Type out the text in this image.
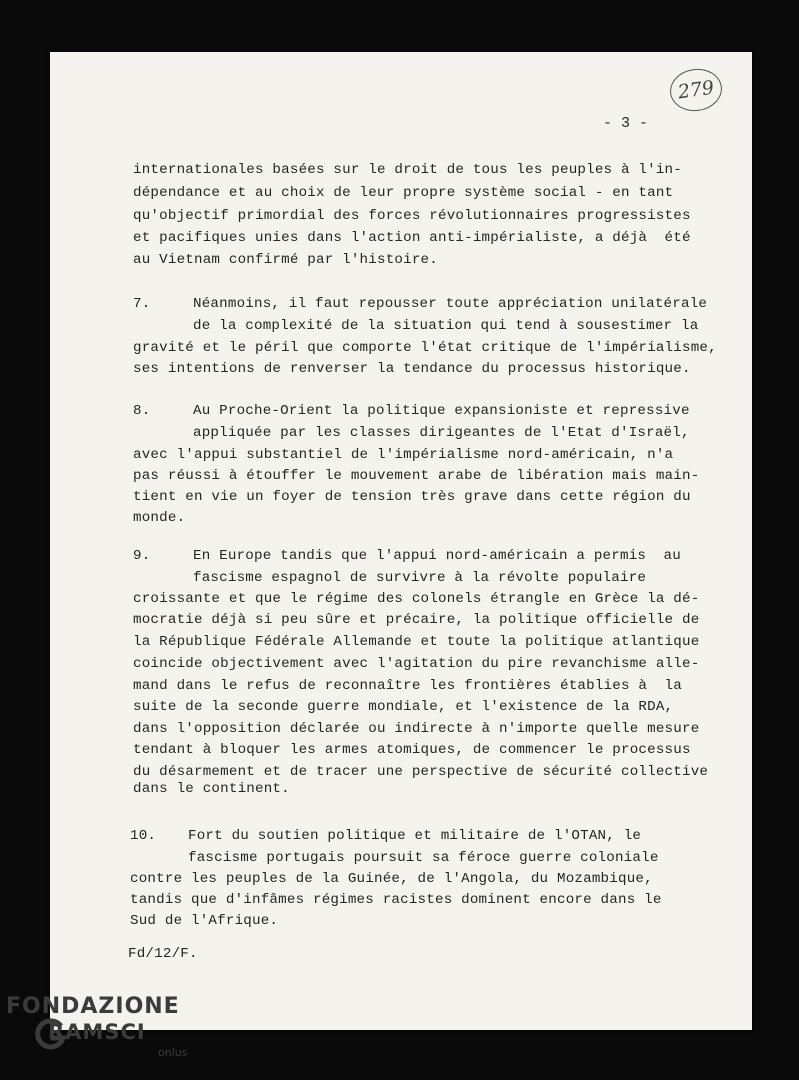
279
- 3 -
internationales basées sur le droit de tous les peuples à l'in-
dépendance et au choix de leur propre système social - en tant
qu'objectif primordial des forces révolutionnaires progressistes
et pacifiques unies dans l'action anti-impérialiste, a déjà  été
au Vietnam confirmé par l'histoire.
7.	Néanmoins, il faut repousser toute appréciation unilatérale
de la complexité de la situation qui tend à sousestimer la
gravité et le péril que comporte l'état critique de l'impérialisme,
ses intentions de renverser la tendance du processus historique.
8.	Au Proche-Orient la politique expansioniste et repressive
appliquée par les classes dirigeantes de l'Etat d'Israël,
avec l'appui substantiel de l'impérialisme nord-américain, n'a
pas réussi à étouffer le mouvement arabe de libération mais main-
tient en vie un foyer de tension très grave dans cette région du
monde.
9.	En Europe tandis que l'appui nord-américain a permis  au
fascisme espagnol de survivre à la révolte populaire
croissante et que le régime des colonels étrangle en Grèce la dé-
mocratie déjà si peu sûre et précaire, la politique officielle de
la République Fédérale Allemande et toute la politique atlantique
coincide objectivement avec l'agitation du pire revanchisme alle-
mand dans le refus de reconnaître les frontières établies à  la
suite de la seconde guerre mondiale, et l'existence de la RDA,
dans l'opposition déclarée ou indirecte à n'importe quelle mesure
tendant à bloquer les armes atomiques, de commencer le processus
du désarmement et de tracer une perspective de sécurité collective
dans le continent.
10. Fort du soutien politique et militaire de l'OTAN, le
fascisme portugais poursuit sa féroce guerre coloniale
contre les peuples de la Guinée, de l'Angola, du Mozambique,
tandis que d'infâmes régimes racistes dominent encore dans le
Sud de l'Afrique.
Fd/12/F.
FONDAZIONE
RAMSCI
onlus
